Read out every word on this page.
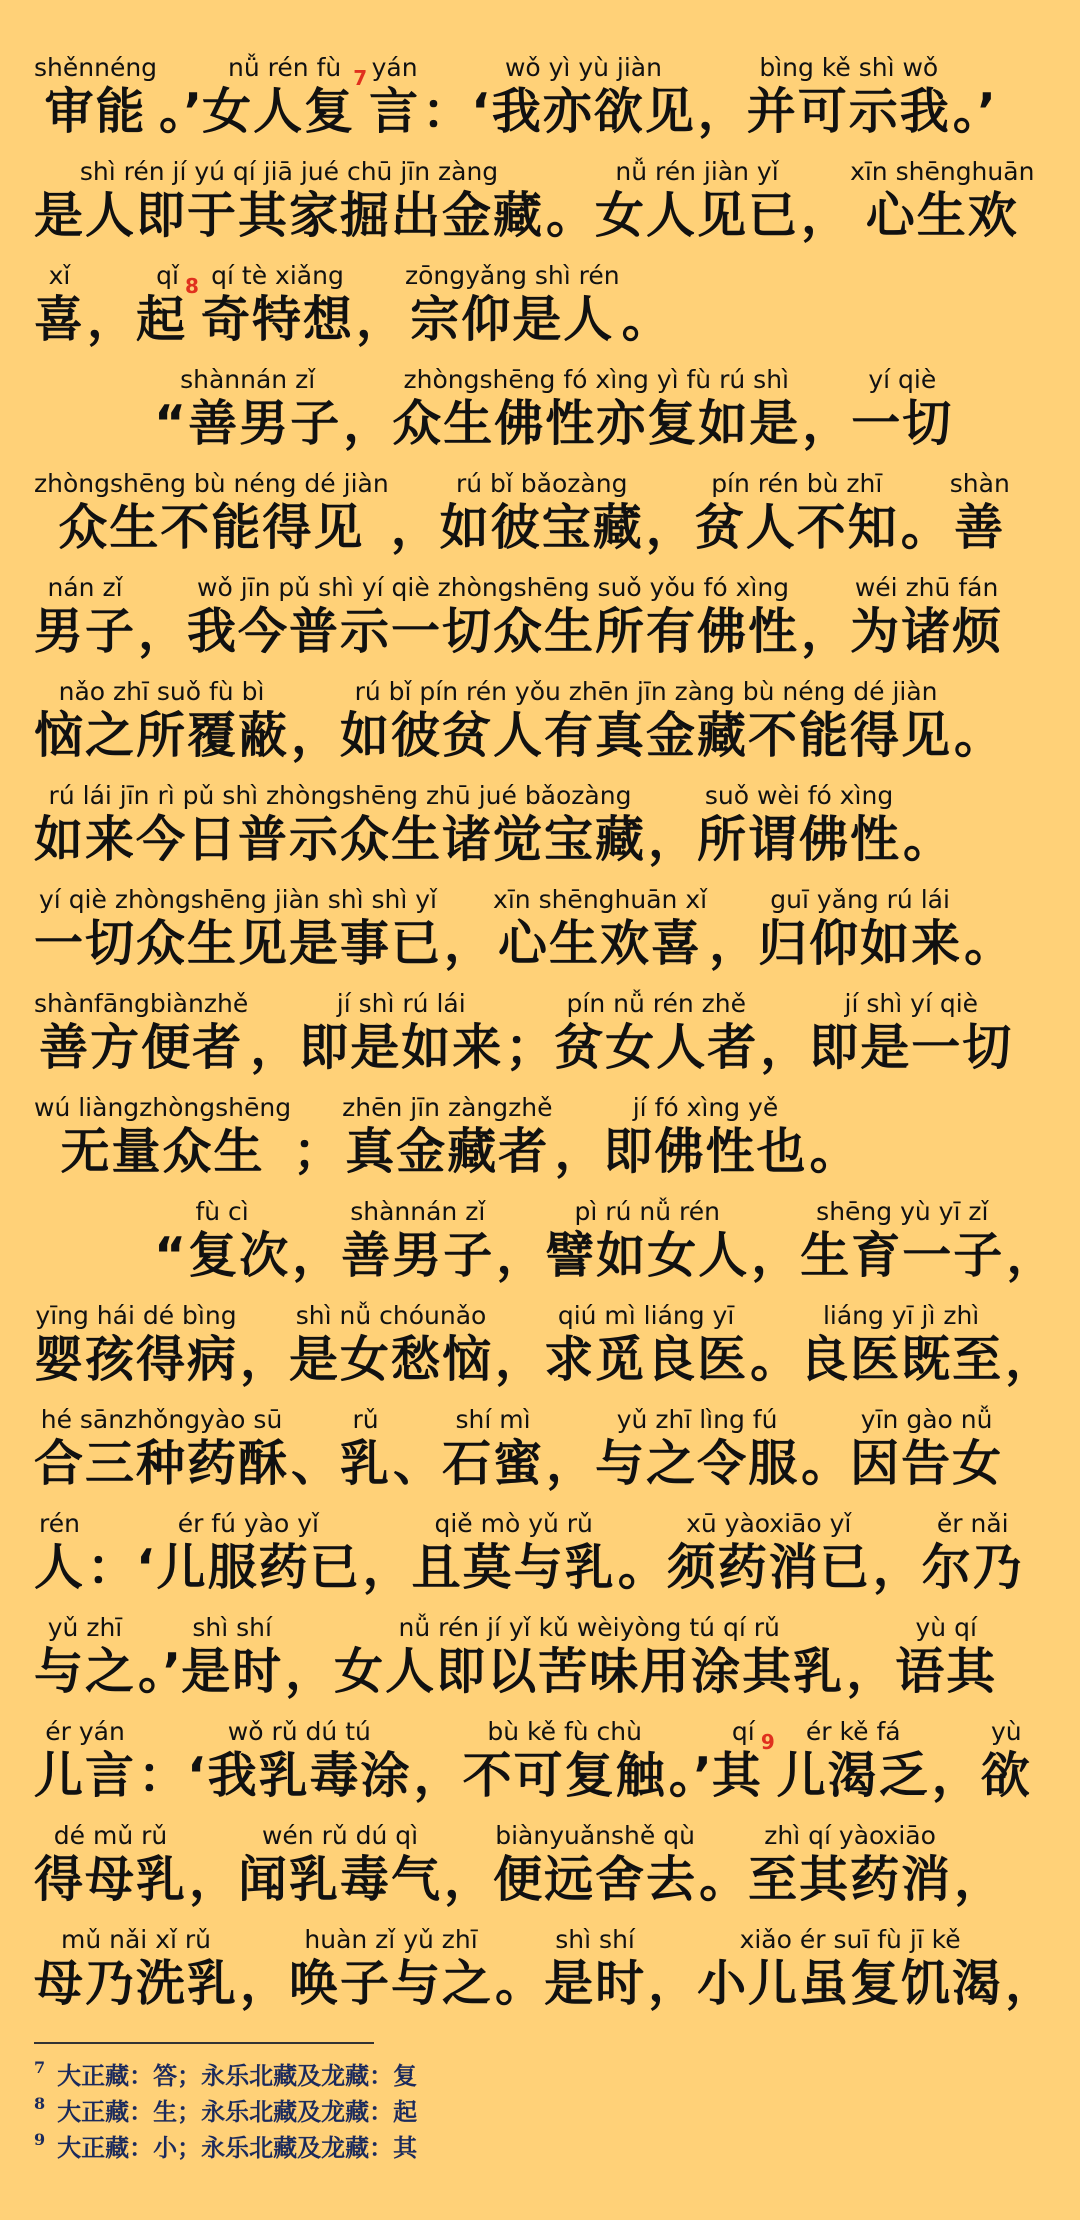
shěnnéng
审能 。’
nǚ rén fù
女人复$^7$ yán
言 ：
wǒ yì yù jiàn
‘我亦欲见 ，
bìng kě shì wǒ
并可示我 。’
shì rén jí yú qí jiā jué chū jīn zàng
是人即于其家掘出金藏 。
nǚ rén jiàn yǐ
女人见已 ，
xīn shēnghuān
心生欢
xǐ
喜 ，
qǐ
起$^8$ qí tè xiǎng
奇特想 ，
zōngyǎng shì rén
宗仰是人 。
shànnán zǐ
“善男子 ，
zhòngshēng fó xìng yì fù rú shì
众生佛性亦复如是 ，
yí qiè
一切
zhòngshēng bù néng dé jiàn
众生不能得见 ，
rú bǐ bǎozàng
如彼宝藏 ，
pín rén bù zhī
贫人不知 。
shàn
善
nán zǐ
男子 ，
wǒ jīn pǔ shì yí qiè zhòngshēng suǒ yǒu fó xìng
我今普示一切众生所有佛性 ，
wéi zhū fán
为诸烦
nǎo zhī suǒ fù bì
恼之所覆蔽 ，
rú bǐ pín rén yǒu zhēn jīn zàng bù néng dé jiàn
如彼贫人有真金藏不能得见 。
rú lái jīn rì pǔ shì zhòngshēng zhū jué bǎozàng
如来今日普示众生诸觉宝藏 ，
suǒ wèi fó xìng
所谓佛性 。
yí qiè zhòngshēng jiàn shì shì yǐ
一切众生见是事已 ，
xīn shēnghuān xǐ
心生欢喜 ，
guī yǎng rú lái
归仰如来 。
shànfāngbiànzhě
善方便者 ，
jí shì rú lái
即是如来 ；
pín nǚ rén zhě
贫女人者 ，
jí shì yí qiè
即是一切
wú liàngzhòngshēng
无量众生 ；
zhēn jīn zàngzhě
真金藏者 ，
jí fó xìng yě
即佛性也 。
fù cì
“复次 ，
shànnán zǐ
善男子 ，
pì rú nǚ rén
譬如女人 ，
shēng yù yī zǐ
生育一子 ，
yīng hái dé bìng
婴孩得病 ，
shì nǚ chóunǎo
是女愁恼 ，
qiú mì liáng yī
求觅良医 。
liáng yī jì zhì
良医既至 ，
hé sānzhǒngyào sū
合三种药酥 、
rǔ
乳 、
shí mì
石蜜 ，
yǔ zhī lìng fú
与之令服 。
yīn gào nǚ
因告女
rén
人 ：
ér fú yào yǐ
‘儿服药已 ，
qiě mò yǔ rǔ
且莫与乳 。
xū yàoxiāo yǐ
须药消已 ，
ěr nǎi
尔乃
yǔ zhī
与之 。’
shì shí
是时 ，
nǚ rén jí yǐ kǔ wèiyòng tú qí rǔ
女人即以苦味用涂其乳 ，
yù qí
语其
ér yán
儿言 ：
wǒ rǔ dú tú
‘我乳毒涂 ，
bù kě fù chù
不可复触 。’
qí
其$^9$ ér kě fá
儿渴乏 ，
yù
欲
dé mǔ rǔ
得母乳 ，
wén rǔ dú qì
闻乳毒气 ，
biànyuǎnshě qù
便远舍去 。
zhì qí yàoxiāo
至其药消 ，
mǔ nǎi xǐ rǔ
母乃洗乳 ，
huàn zǐ yǔ zhī
唤子与之 。
shì shí
是时 ，
xiǎo ér suī fù jī kě
小儿虽复饥渴 ，
7 大正藏：答；永乐北藏及龙藏：复
8 大正藏：生；永乐北藏及龙藏：起
9 大正藏：小；永乐北藏及龙藏：其
